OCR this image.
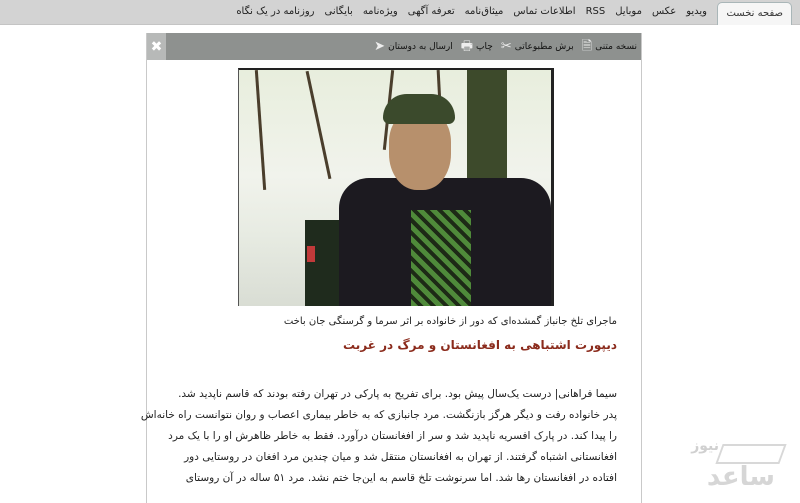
صفحه نخست
روزنامه در یک نگاه	بایگانی	ویژه‌نامه	تعرفه آگهی	میثاق‌نامه	اطلاعات تماس	RSS	موبایل	عکس	ویدیو
✖	نسخه متنی
🗎
برش مطبوعاتی
✂
چاپ
🖶
ارسال به دوستان
➤
ماجرای تلخ جانباز گمشده‌ای که دور از خانواده بر اثر سرما و گرسنگی جان باخت
دیپورت اشتباهی به افغانستان و مرگ در غربت

سیما فراهانی| درست یک‌سال پیش بود. برای تفریح به پارکی در تهران رفته بودند که قاسم ناپدید شد.

پدر خانواده رفت و دیگر هرگز بازنگشت. مرد جانبازی که به خاطر بیماری اعصاب و روان نتوانست راه خانه‌اش

را پیدا کند. در پارک افسریه ناپدید شد و سر از افغانستان درآورد. فقط به خاطر ظاهرش او را با یک مرد

افغانستانی اشتباه گرفتند. از تهران به افغانستان منتقل شد و میان چندین مرد افغان در روستایی دور

افتاده در افغانستان رها شد. اما سرنوشت تلخ قاسم به این‌جا ختم نشد. مرد ۵۱ ساله در آن روستای

نیوز
ساعد
